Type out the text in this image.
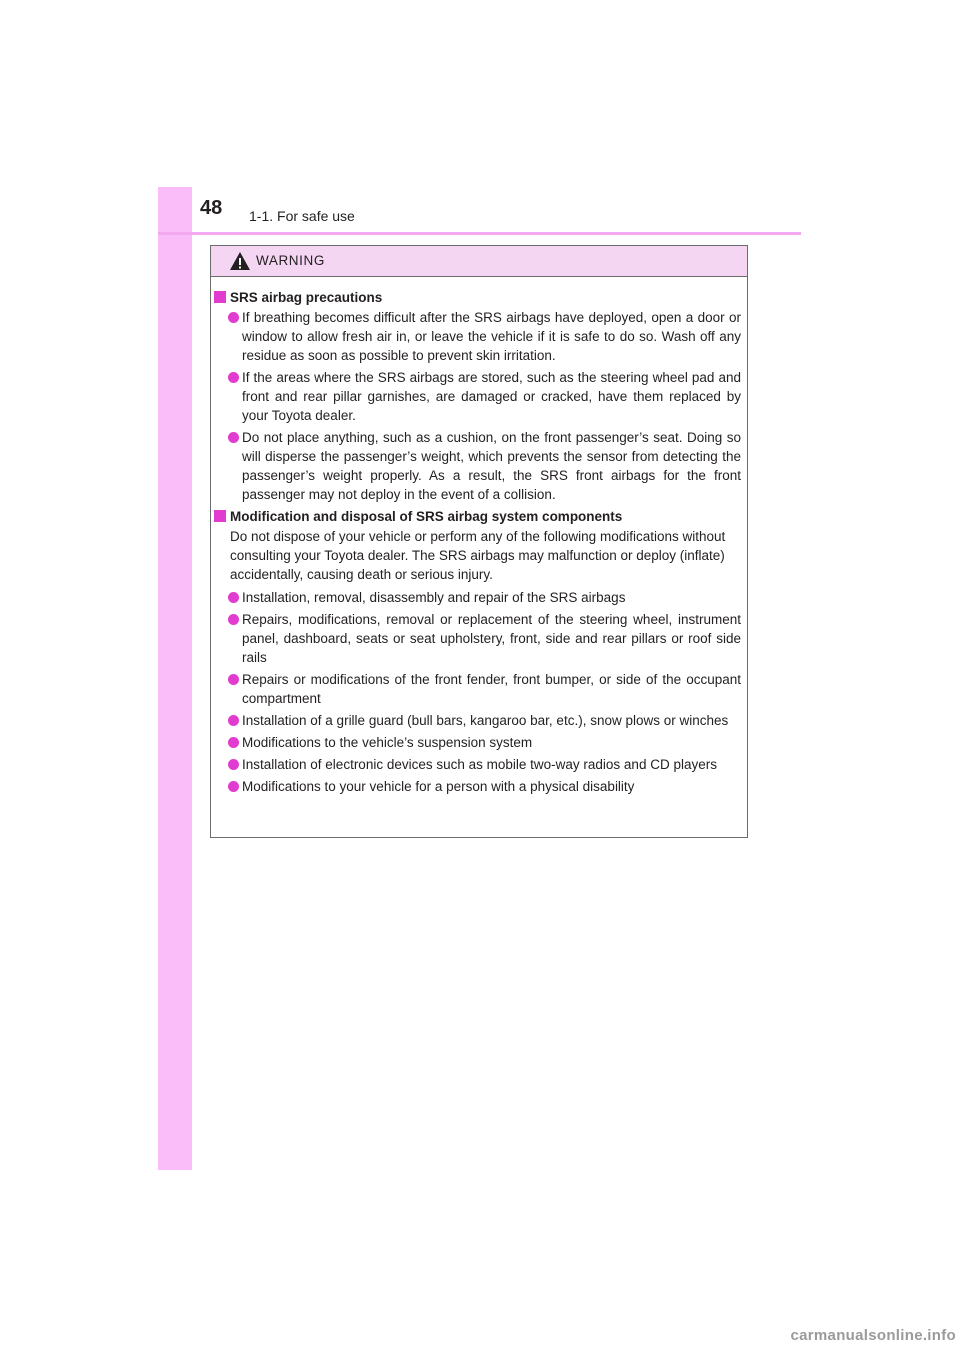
48 1-1. For safe use
WARNING
SRS airbag precautions
If breathing becomes difficult after the SRS airbags have deployed, open a door or window to allow fresh air in, or leave the vehicle if it is safe to do so. Wash off any residue as soon as possible to prevent skin irritation.
If the areas where the SRS airbags are stored, such as the steering wheel pad and front and rear pillar garnishes, are damaged or cracked, have them replaced by your Toyota dealer.
Do not place anything, such as a cushion, on the front passenger’s seat. Doing so will disperse the passenger’s weight, which prevents the sensor from detecting the passenger’s weight properly. As a result, the SRS front airbags for the front passenger may not deploy in the event of a collision.
Modification and disposal of SRS airbag system components
Do not dispose of your vehicle or perform any of the following modifications without consulting your Toyota dealer. The SRS airbags may malfunction or deploy (inflate) accidentally, causing death or serious injury.
Installation, removal, disassembly and repair of the SRS airbags
Repairs, modifications, removal or replacement of the steering wheel, instrument panel, dashboard, seats or seat upholstery, front, side and rear pillars or roof side rails
Repairs or modifications of the front fender, front bumper, or side of the occupant compartment
Installation of a grille guard (bull bars, kangaroo bar, etc.), snow plows or winches
Modifications to the vehicle’s suspension system
Installation of electronic devices such as mobile two-way radios and CD players
Modifications to your vehicle for a person with a physical disability
carmanualsonline.info
